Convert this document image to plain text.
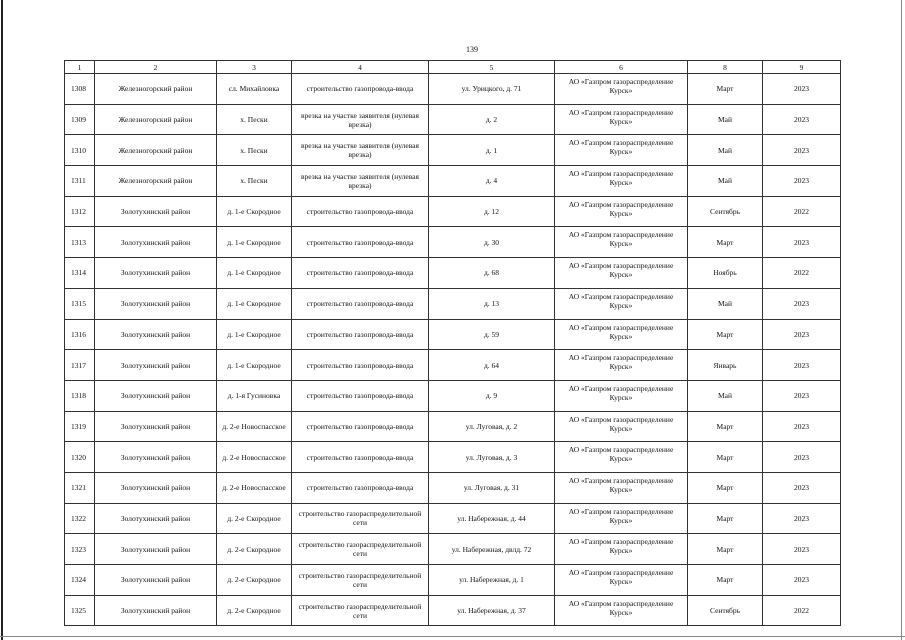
139
1	2	3	4	5	6	8	9
1308	Железногорский район	сл. Михайловка	строительство газопровода-ввода	ул. Урицкого, д. 71	АО «Газпром газораспределение Курск»	Март	2023
1309	Железногорский район	х. Пески	врезка на участке заявителя (нулевая врезка)	д. 2	АО «Газпром газораспределение Курск»	Май	2023
1310	Железногорский район	х. Пески	врезка на участке заявителя (нулевая врезка)	д. 1	АО «Газпром газораспределение Курск»	Май	2023
1311	Железногорский район	х. Пески	врезка на участке заявителя (нулевая врезка)	д. 4	АО «Газпром газораспределение Курск»	Май	2023
1312	Золотухинский район	д. 1-е Скородное	строительство газопровода-ввода	д. 12	АО «Газпром газораспределение Курск»	Сентябрь	2022
1313	Золотухинский район	д. 1-е Скородное	строительство газопровода-ввода	д. 30	АО «Газпром газораспределение Курск»	Март	2023
1314	Золотухинский район	д. 1-е Скородное	строительство газопровода-ввода	д. 68	АО «Газпром газораспределение Курск»	Ноябрь	2022
1315	Золотухинский район	д. 1-е Скородное	строительство газопровода-ввода	д. 13	АО «Газпром газораспределение Курск»	Май	2023
1316	Золотухинский район	д. 1-е Скородное	строительство газопровода-ввода	д. 59	АО «Газпром газораспределение Курск»	Март	2023
1317	Золотухинский район	д. 1-е Скородное	строительство газопровода-ввода	д. 64	АО «Газпром газораспределение Курск»	Январь	2023
1318	Золотухинский район	д. 1-я Гусиновка	строительство газопровода-ввода	д. 9	АО «Газпром газораспределение Курск»	Май	2023
1319	Золотухинский район	д. 2-е Новоспасское	строительство газопровода-ввода	ул. Луговая, д. 2	АО «Газпром газораспределение Курск»	Март	2023
1320	Золотухинский район	д. 2-е Новоспасское	строительство газопровода-ввода	ул. Луговая, д. 3	АО «Газпром газораспределение Курск»	Март	2023
1321	Золотухинский район	д. 2-е Новоспасское	строительство газопровода-ввода	ул. Луговая, д. 31	АО «Газпром газораспределение Курск»	Март	2023
1322	Золотухинский район	д. 2-е Скородное	строительство газораспределительной сети	ул. Набережная, д. 44	АО «Газпром газораспределение Курск»	Март	2023
1323	Золотухинский район	д. 2-е Скородное	строительство газораспределительной сети	ул. Набережная, двлд. 72	АО «Газпром газораспределение Курск»	Март	2023
1324	Золотухинский район	д. 2-е Скородное	строительство газораспределительной сети	ул. Набережная, д. 1	АО «Газпром газораспределение Курск»	Март	2023
1325	Золотухинский район	д. 2-е Скородное	строительство газораспределительной сети	ул. Набережная, д. 37	АО «Газпром газораспределение Курск»	Сентябрь	2022
